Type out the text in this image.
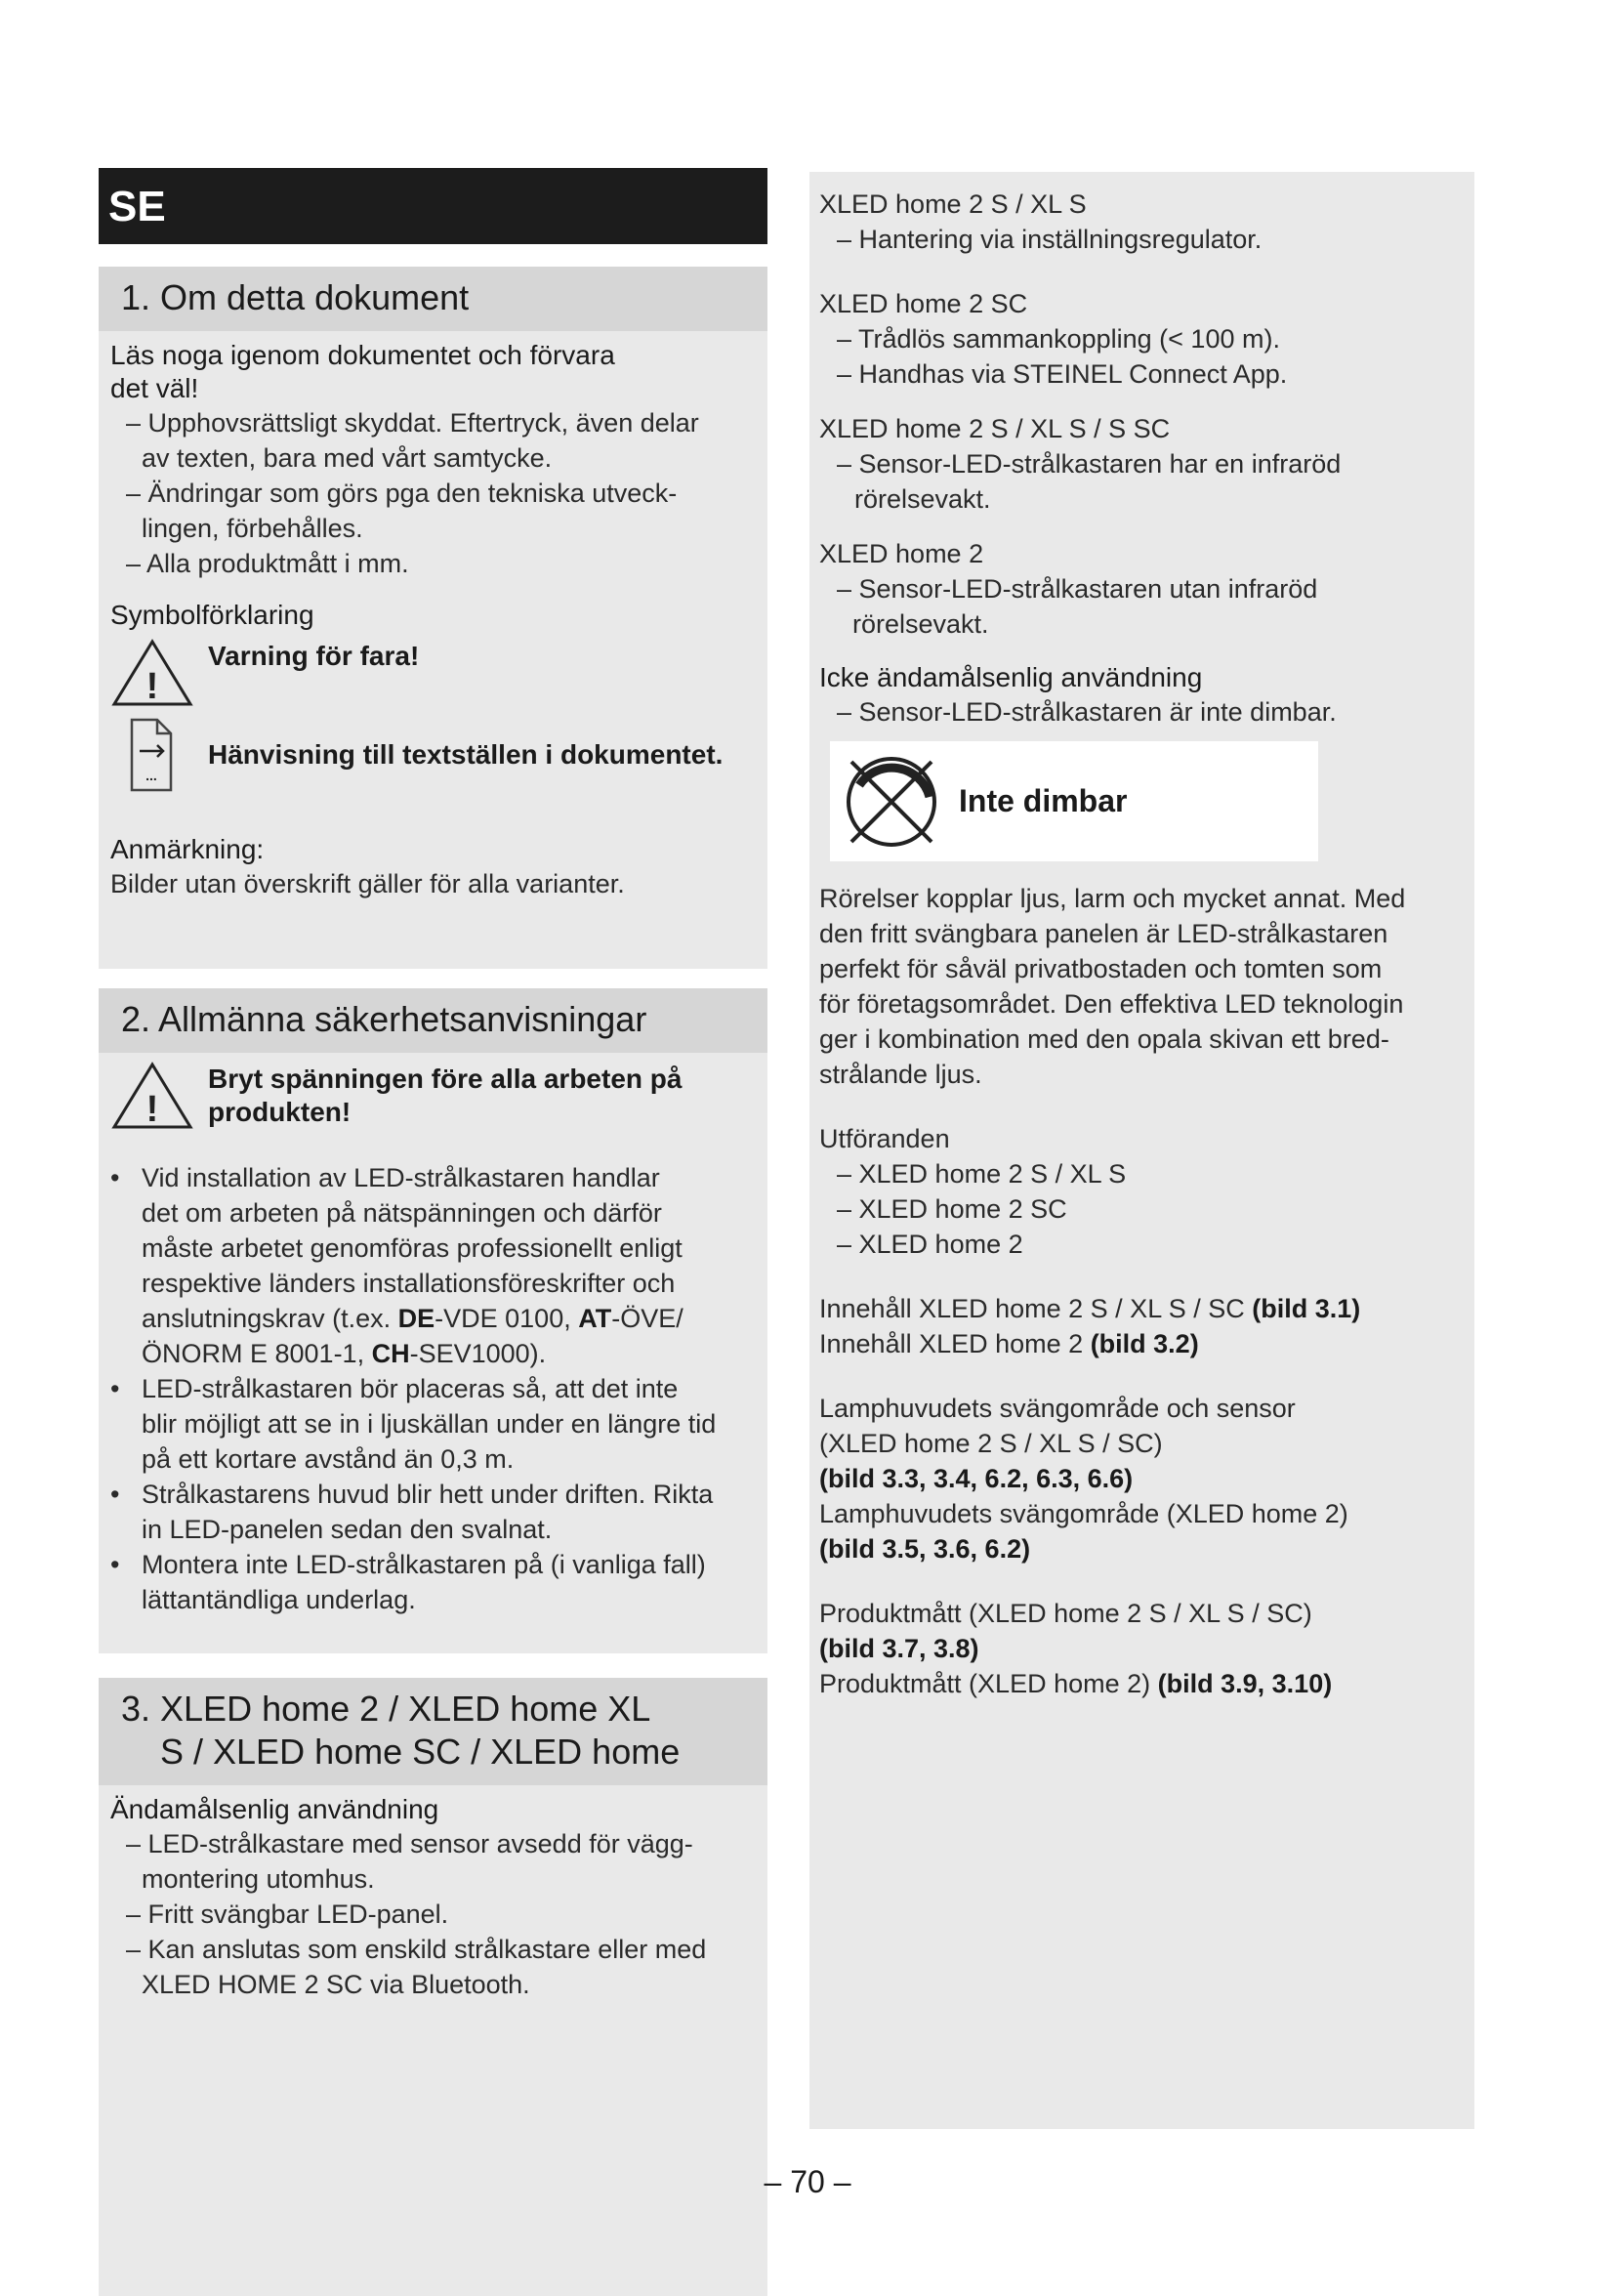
SE
1. Om detta dokument
Läs noga igenom dokumentet och förvara
det väl!

– Upphovsrättsligt skyddat. Eftertryck, även delar
av texten, bara med vårt samtycke.

– Ändringar som görs pga den tekniska utveck-
lingen, förbehålles.

– Alla produktmått i mm.

Symbolförklaring
!
Varning för fara!
...
Hänvisning till textställen i dokumentet.
Anmärkning:

Bilder utan överskrift gäller för alla varianter.

2. Allmänna säkerhetsanvisningar
!
Bryt spänningen före alla arbeten på
produkten!

• Vid installation av LED-strålkastaren handlar
det om arbeten på nätspänningen och därför
måste arbetet genomföras professionellt enligt
respektive länders installationsföreskrifter och
anslutningskrav (t.ex. DE-VDE 0100, AT-ÖVE/
ÖNORM E 8001-1, CH-SEV1000).

• LED-strålkastaren bör placeras så, att det inte
blir möjligt att se in i ljuskällan under en längre tid
på ett kortare avstånd än 0,3 m.

• Strålkastarens huvud blir hett under driften. Rikta
in LED-panelen sedan den svalnat.

• Montera inte LED-strålkastaren på (i vanliga fall)
lättantändliga underlag.

3. XLED home 2 / XLED home XL
S / XLED home SC / XLED home
Ändamålsenlig användning

– LED-strålkastare med sensor avsedd för vägg-
montering utomhus.

– Fritt svängbar LED-panel.

– Kan anslutas som enskild strålkastare eller med
XLED HOME 2 SC via Bluetooth.

XLED home 2 S / XL S

– Hantering via inställningsregulator.

XLED home 2 SC

– Trådlös sammankoppling (< 100 m).

– Handhas via STEINEL Connect App.

XLED home 2 S / XL S / S SC

– Sensor-LED-strålkastaren har en infraröd
rörelsevakt.

XLED home 2

– Sensor-LED-strålkastaren utan infraröd
rörelsevakt.

Icke ändamålsenlig användning

– Sensor-LED-strålkastaren är inte dimbar.

Inte dimbar

Rörelser kopplar ljus, larm och mycket annat. Med
den fritt svängbara panelen är LED-strålkastaren
perfekt för såväl privatbostaden och tomten som
för företagsområdet. Den effektiva LED teknologin
ger i kombination med den opala skivan ett bred-
strålande ljus.

Utföranden

– XLED home 2 S / XL S

– XLED home 2 SC

– XLED home 2

Innehåll XLED home 2 S / XL S / SC (bild 3.1)

Innehåll XLED home 2 (bild 3.2)

Lamphuvudets svängområde och sensor

(XLED home 2 S / XL S / SC)

(bild 3.3, 3.4, 6.2, 6.3, 6.6)

Lamphuvudets svängområde (XLED home 2)

(bild 3.5, 3.6, 6.2)

Produktmått (XLED home 2 S / XL S / SC)

(bild 3.7, 3.8)

Produktmått (XLED home 2) (bild 3.9, 3.10)

– 70 –
